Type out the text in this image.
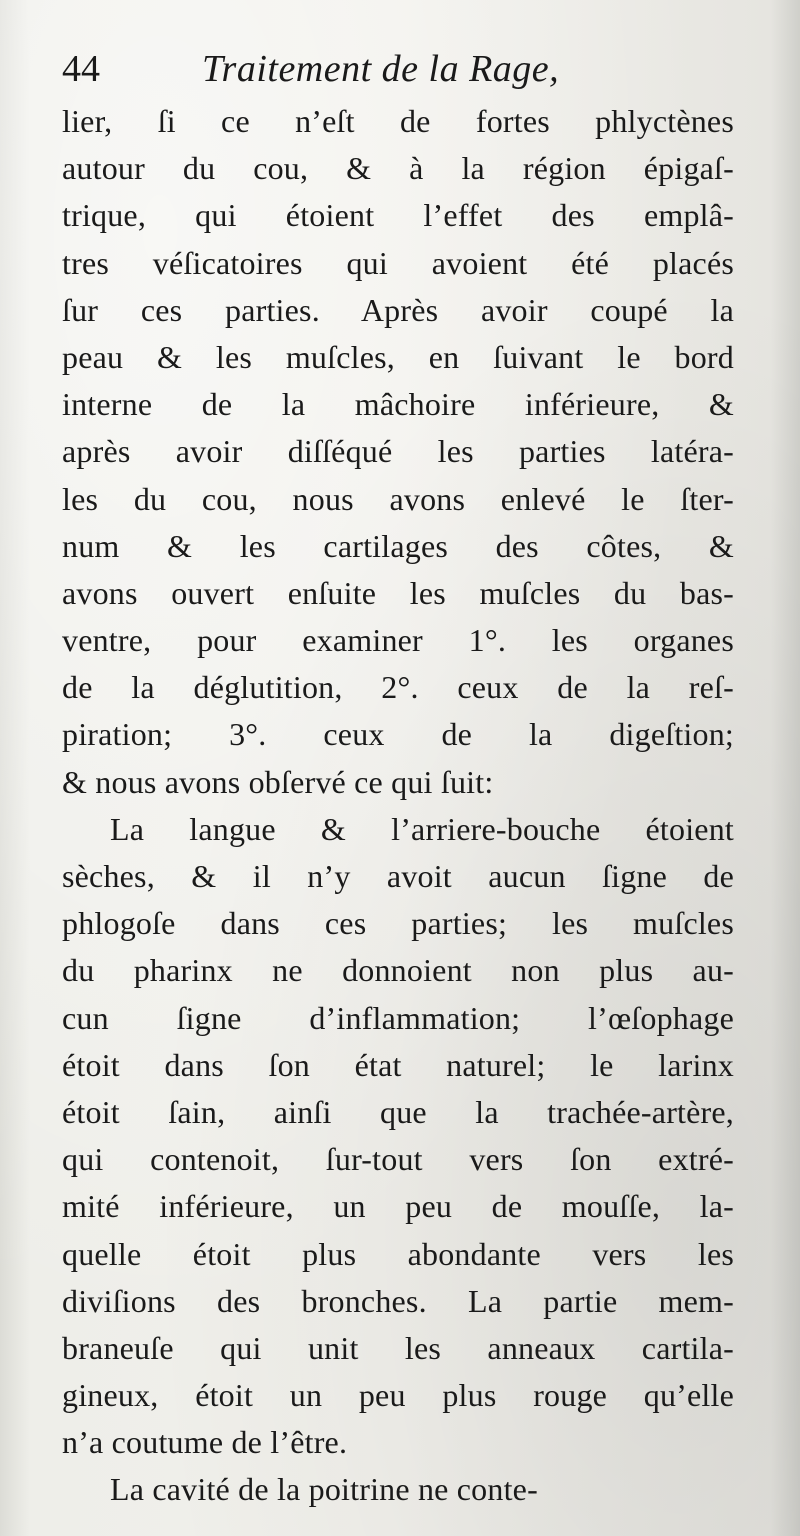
44	Traitement de la Rage,
lier, ſi ce n’eſt de fortes phlyctènes
autour du cou, & à la région épigaſ-
trique, qui étoient l’effet des emplâ-
tres véſicatoires qui avoient été placés
ſur ces parties. Après avoir coupé la
peau & les muſcles, en ſuivant le bord
interne de la mâchoire inférieure, &
après avoir diſſéqué les parties latéra-
les du cou, nous avons enlevé le ſter-
num & les cartilages des côtes, &
avons ouvert enſuite les muſcles du bas-
ventre, pour examiner 1°. les organes
de la déglutition, 2°. ceux de la reſ-
piration; 3°. ceux de la digeſtion;
& nous avons obſervé ce qui ſuit:
La langue & l’arriere-bouche étoient
sèches, & il n’y avoit aucun ſigne de
phlogoſe dans ces parties; les muſcles
du pharinx ne donnoient non plus au-
cun ſigne d’inflammation; l’œſophage
étoit dans ſon état naturel; le larinx
étoit ſain, ainſi que la trachée-artère,
qui contenoit, ſur-tout vers ſon extré-
mité inférieure, un peu de mouſſe, la-
quelle étoit plus abondante vers les
diviſions des bronches. La partie mem-
braneuſe qui unit les anneaux cartila-
gineux, étoit un peu plus rouge qu’elle
n’a coutume de l’être.
La cavité de la poitrine ne conte-
